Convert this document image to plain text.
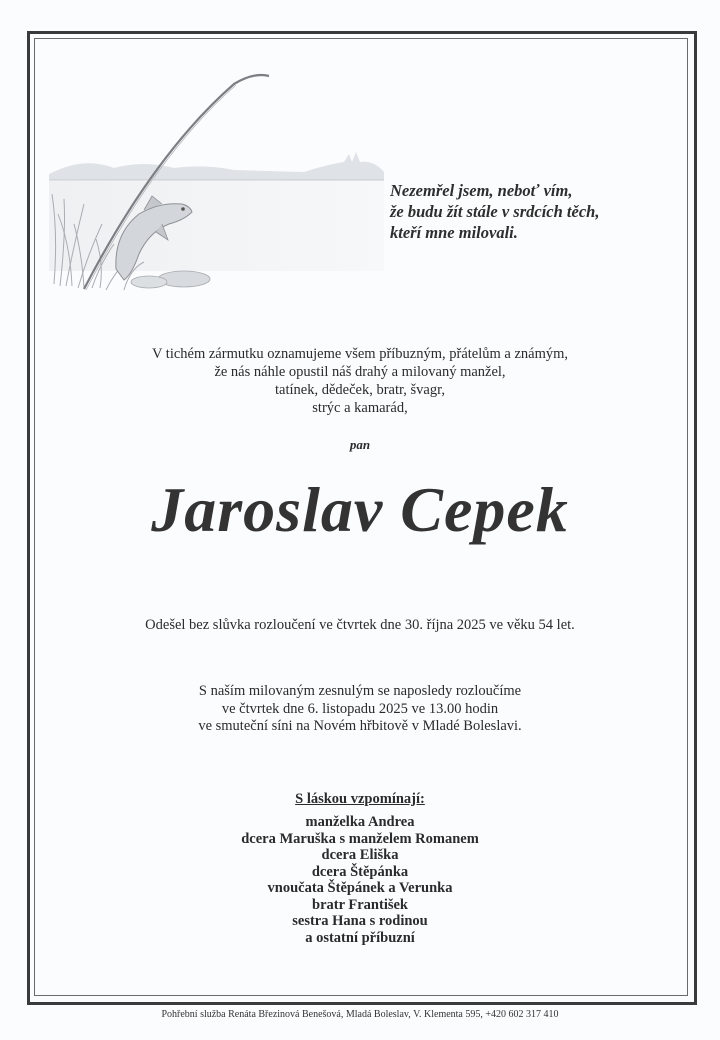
Nezemřel jsem, neboť vím,
že budu žít stále v srdcích těch,
kteří mne milovali.
V tichém zármutku oznamujeme všem příbuzným, přátelům a známým,
že nás náhle opustil náš drahý a milovaný manžel,
tatínek, dědeček, bratr, švagr,
strýc a kamarád,
pan
Jaroslav Cepek
Odešel bez slůvka rozloučení ve čtvrtek dne 30. října 2025 ve věku 54 let.
S naším milovaným zesnulým se naposledy rozloučíme
ve čtvrtek dne 6. listopadu 2025 ve 13.00 hodin
ve smuteční síni na Novém hřbitově v Mladé Boleslavi.
S láskou vzpomínají:
manželka Andrea
dcera Maruška s manželem Romanem
dcera Eliška
dcera Štěpánka
vnoučata Štěpánek a Verunka
bratr František
sestra Hana s rodinou
a ostatní příbuzní
Pohřební služba Renáta Březinová Benešová, Mladá Boleslav, V. Klementa 595, +420 602 317 410
